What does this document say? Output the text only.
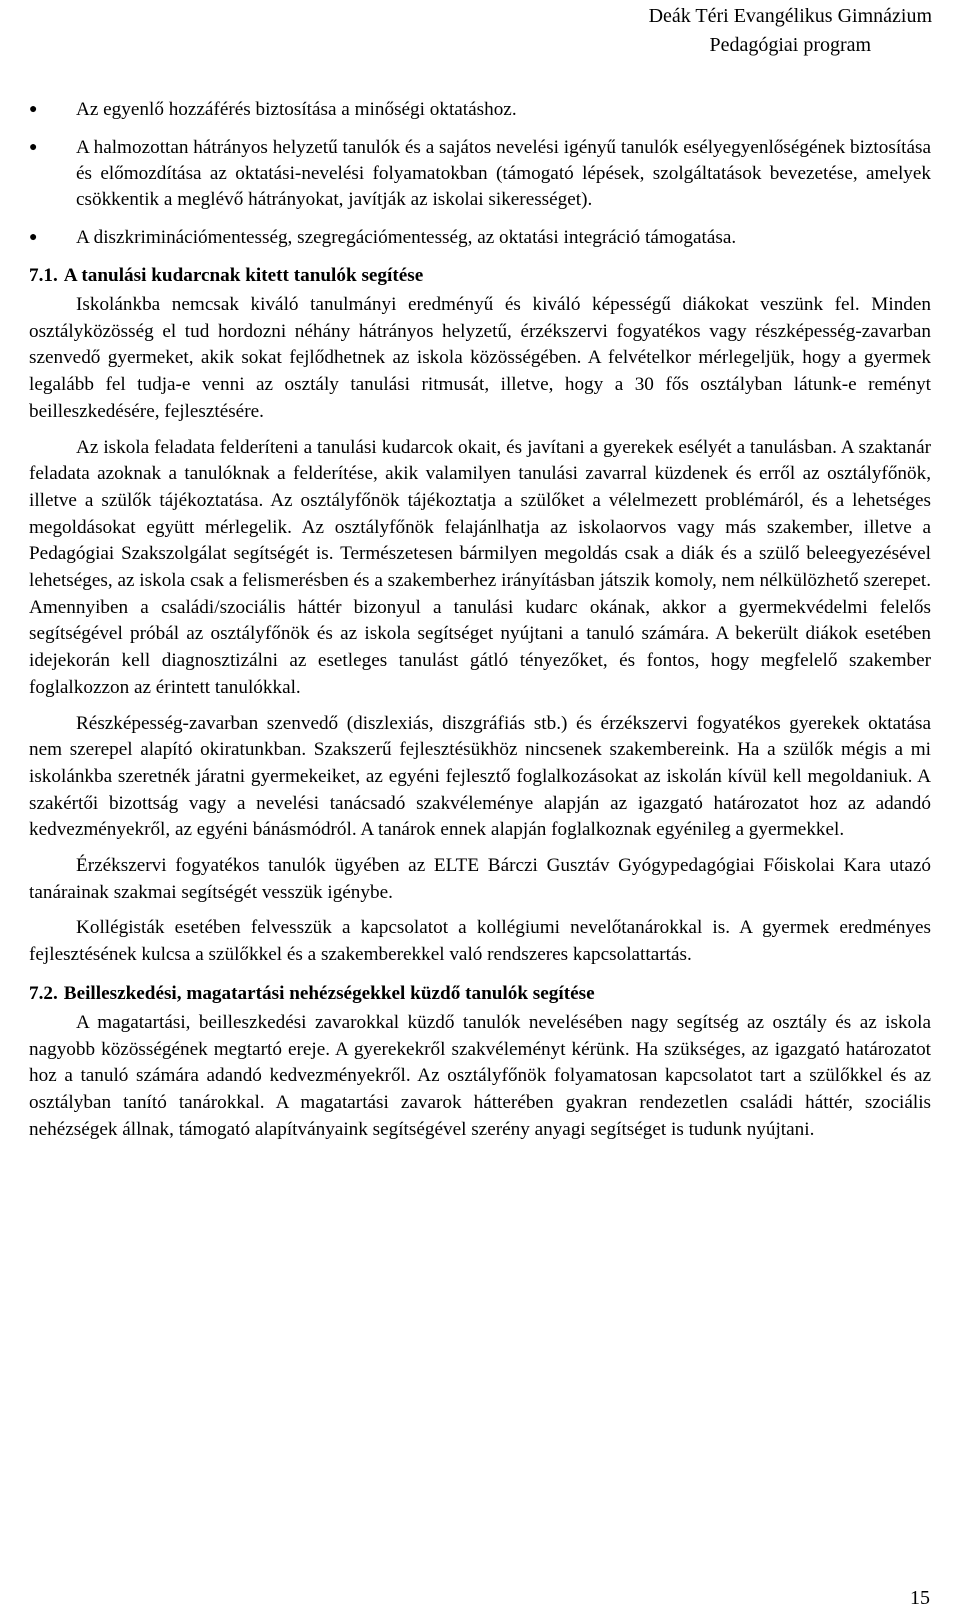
Deák Téri Evangélikus Gimnázium
Pedagógiai program
● Az egyenlő hozzáférés biztosítása a minőségi oktatáshoz.
● A halmozottan hátrányos helyzetű tanulók és a sajátos nevelési igényű tanulók esélyegyenlőségének biztosítása és előmozdítása az oktatási-nevelési folyamatokban (támogató lépések, szolgáltatások bevezetése, amelyek csökkentik a meglévő hátrányokat, javítják az iskolai sikerességet).
● A diszkriminációmentesség, szegregációmentesség, az oktatási integráció támogatása.
7.1. A tanulási kudarcnak kitett tanulók segítése

Iskolánkba nemcsak kiváló tanulmányi eredményű és kiváló képességű diákokat veszünk fel. Minden osztályközösség el tud hordozni néhány hátrányos helyzetű, érzékszervi fogyatékos vagy részképesség-zavarban szenvedő gyermeket, akik sokat fejlődhetnek az iskola közösségében. A felvételkor mérlegeljük, hogy a gyermek legalább fel tudja-e venni az osztály tanulási ritmusát, illetve, hogy a 30 fős osztályban látunk-e reményt beilleszkedésére, fejlesztésére.

Az iskola feladata felderíteni a tanulási kudarcok okait, és javítani a gyerekek esélyét a tanulásban. A szaktanár feladata azoknak a tanulóknak a felderítése, akik valamilyen tanulási zavarral küzdenek és erről az osztályfőnök, illetve a szülők tájékoztatása. Az osztályfőnök tájékoztatja a szülőket a vélelmezett problémáról, és a lehetséges megoldásokat együtt mérlegelik. Az osztályfőnök felajánlhatja az iskolaorvos vagy más szakember, illetve a Pedagógiai Szakszolgálat segítségét is. Természetesen bármilyen megoldás csak a diák és a szülő beleegyezésével lehetséges, az iskola csak a felismerésben és a szakemberhez irányításban játszik komoly, nem nélkülözhető szerepet. Amennyiben a családi/szociális háttér bizonyul a tanulási kudarc okának, akkor a gyermekvédelmi felelős segítségével próbál az osztályfőnök és az iskola segítséget nyújtani a tanuló számára. A bekerült diákok esetében idejekorán kell diagnosztizálni az esetleges tanulást gátló tényezőket, és fontos, hogy megfelelő szakember foglalkozzon az érintett tanulókkal.

Részképesség-zavarban szenvedő (diszlexiás, diszgráfiás stb.) és érzékszervi fogyatékos gyerekek oktatása nem szerepel alapító okiratunkban. Szakszerű fejlesztésükhöz nincsenek szakembereink. Ha a szülők mégis a mi iskolánkba szeretnék járatni gyermekeiket, az egyéni fejlesztő foglalkozásokat az iskolán kívül kell megoldaniuk. A szakértői bizottság vagy a nevelési tanácsadó szakvéleménye alapján az igazgató határozatot hoz az adandó kedvezményekről, az egyéni bánásmódról. A tanárok ennek alapján foglalkoznak egyénileg a gyermekkel.

Érzékszervi fogyatékos tanulók ügyében az ELTE Bárczi Gusztáv Gyógypedagógiai Főiskolai Kara utazó tanárainak szakmai segítségét vesszük igénybe.

Kollégisták esetében felvesszük a kapcsolatot a kollégiumi nevelőtanárokkal is. A gyermek eredményes fejlesztésének kulcsa a szülőkkel és a szakemberekkel való rendszeres kapcsolattartás.

7.2. Beilleszkedési, magatartási nehézségekkel küzdő tanulók segítése

A magatartási, beilleszkedési zavarokkal küzdő tanulók nevelésében nagy segítség az osztály és az iskola nagyobb közösségének megtartó ereje. A gyerekekről szakvéleményt kérünk. Ha szükséges, az igazgató határozatot hoz a tanuló számára adandó kedvezményekről. Az osztályfőnök folyamatosan kapcsolatot tart a szülőkkel és az osztályban tanító tanárokkal. A magatartási zavarok hátterében gyakran rendezetlen családi háttér, szociális nehézségek állnak, támogató alapítványaink segítségével szerény anyagi segítséget is tudunk nyújtani.

15
